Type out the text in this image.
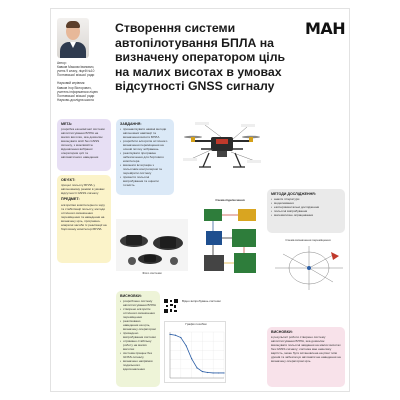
Автор:
Кавков Максим Іванович,
учень 9 класу, ліцей №10
Полтавської міської ради

Науковий керівник:
Кавков Ігор Вікторович,
учитель інформатики ліцею
Полтавської міської ради
Науково-дослідна школа
Створення системи
автопілотування БПЛА на
визначену оператором ціль
на малих висотах в умовах
відсутності GNSS сигналу
MAH
МЕТА:

розробка економічної системи автопілотування БПЛА на малих висотах, яка дозволяє виконувати місії без GNSS сигналу, з можливістю відновлення вибраної оператором цілі та автоматичного наведення

ОБ'ЄКТ:

процес польоту БПЛА у автономному режимі в умовах відсутності GNSS сигналу

ПРЕДМЕТ:

алгоритми комп'ютерного зору та стабілізації польоту, методи оптичного визначення переміщення та наведення на визначену ціль, програмно-апаратні засоби їх реалізації на бортовому комп'ютері БПЛА

ЗАВДАННЯ:
• проаналізувати наявні методи автономної навігації та визначення висоти БПЛА
• розробити алгоритм оптичного визначення переміщення на основі потоку зображень
• реалізувати програмне забезпечення для бортового комп'ютера
• виконати інтеграцію з польотним контролером та перевірити систему
• провести польотні випробування та оцінити точність
МЕТОДИ ДОСЛІДЖЕННЯ:
• аналіз літератури
• моделювання
• експериментальні дослідження
• польотні випробування
• математичне опрацювання
Фото системи
Схема підключення
Схема визначення переміщення
ВИСНОВКИ:
• розроблено систему автопілотування БПЛА
• створено алгоритм оптичного визначення переміщення
• реалізовано наведення на ціль, визначену оператором
• проведено випробування системи
• отримано стабільну роботу на малих висотах
• система працює без GNSS сигналу
• визначено напрямки подальшого вдосконалення
Відео випробувань системи
Графік похибки
ВИСНОВКИ:

в результаті роботи створено систему автопілотування БПЛА, яка дозволяє виконувати польотні завдання на малих висотах без GNSS сигналу; система має невелику вартість, може бути встановлена на різні типи дронів та забезпечує автоматичне наведення на визначену оператором ціль
